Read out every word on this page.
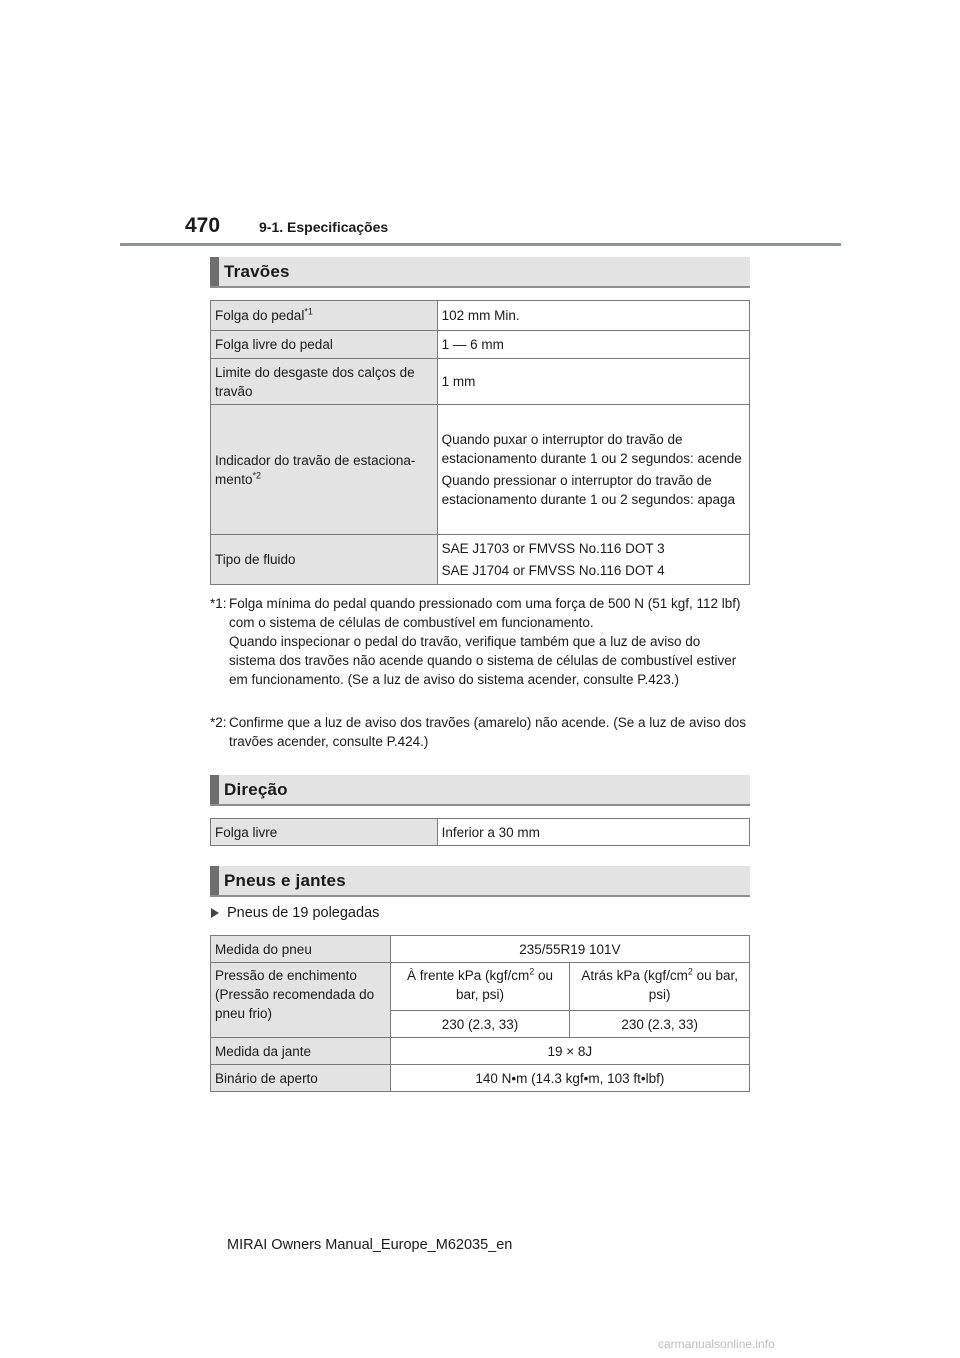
470	9-1. Especificações
Travões
Folga do pedal$^{*1}$	102 mm Min.

Folga livre do pedal	1 — 6 mm

Limite do desgaste dos calços de travão	1 mm

Indicador do travão de estaciona-mento$^{*2}$	Quando puxar o interruptor do travão de estacionamento durante 1 ou 2 segundos: acende

Quando pressionar o interruptor do travão de estacionamento durante 1 ou 2 segundos: apaga

Tipo de fluido	SAE J1703 or FMVSS No.116 DOT 3

SAE J1704 or FMVSS No.116 DOT 4

*1: Folga mínima do pedal quando pressionado com uma força de 500 N (51 kgf, 112 lbf) com o sistema de células de combustível em funcionamento.
Quando inspecionar o pedal do travão, verifique também que a luz de aviso do sistema dos travões não acende quando o sistema de células de combustível estiver em funcionamento. (Se a luz de aviso do sistema acender, consulte P.423.)
*2: Confirme que a luz de aviso dos travões (amarelo) não acende. (Se a luz de aviso dos travões acender, consulte P.424.)
Direção
Folga livre	Inferior a 30 mm
Pneus e jantes
Pneus de 19 polegadas
Medida do pneu	235/55R19 101V	
Pressão de enchimento (Pressão recomendada do pneu frio)	À frente kPa ($kgf/cm^2$ ou bar, psi)	Atrás kPa ($kgf/cm^2$ ou bar, psi)
	230 (2.3, 33)	230 (2.3, 33)
Medida da jante	19 × 8J	
Binário de aperto	140 N•m (14.3 kgf•m, 103 ft•lbf)	
MIRAI Owners Manual_Europe_M62035_en
carmanualsonline.info
